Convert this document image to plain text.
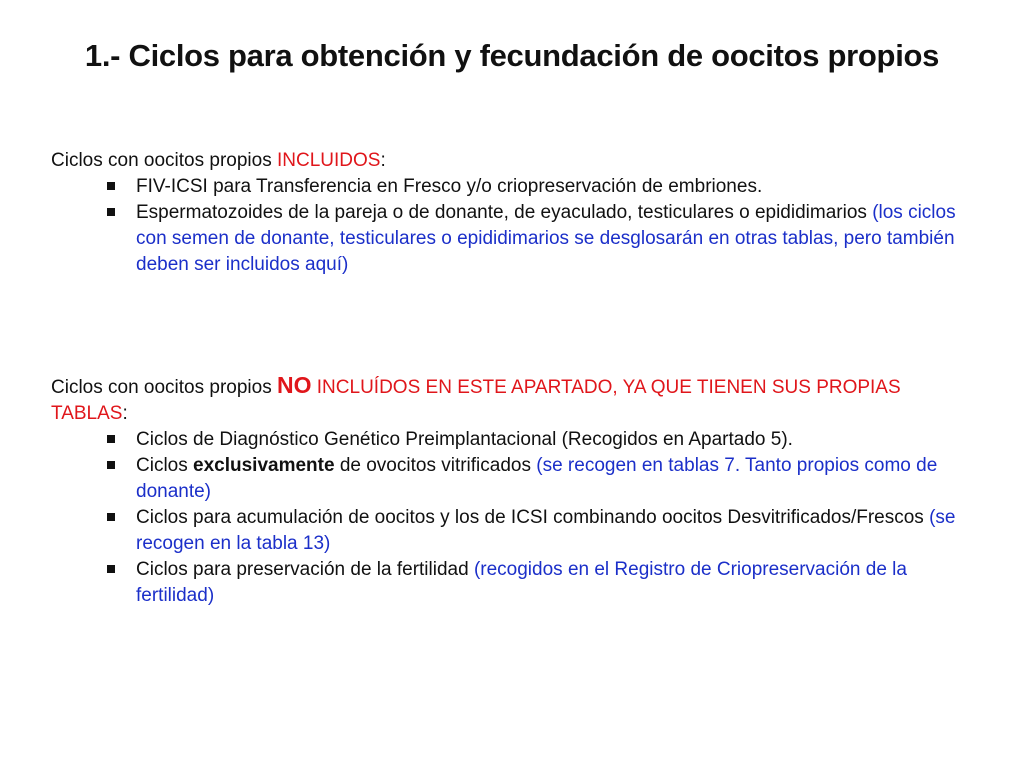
1.- Ciclos para obtención y fecundación de oocitos propios

Ciclos con oocitos propios INCLUIDOS:

FIV-ICSI para Transferencia en Fresco y/o criopreservación de embriones.
Espermatozoides de la pareja o de donante, de eyaculado, testiculares o epididimarios (los ciclos con semen de donante, testiculares o epididimarios se desglosarán en otras tablas, pero también deben ser incluidos aquí)

Ciclos con oocitos propios NO INCLUÍDOS EN ESTE APARTADO, YA QUE TIENEN SUS PROPIAS TABLAS:

Ciclos de Diagnóstico Genético Preimplantacional (Recogidos en Apartado 5).
Ciclos exclusivamente de ovocitos vitrificados (se recogen en tablas 7. Tanto propios como de donante)
Ciclos para acumulación de oocitos y los de ICSI combinando oocitos Desvitrificados/Frescos (se recogen en la tabla 13)
Ciclos para preservación de la fertilidad (recogidos en el Registro de Criopreservación de la fertilidad)
